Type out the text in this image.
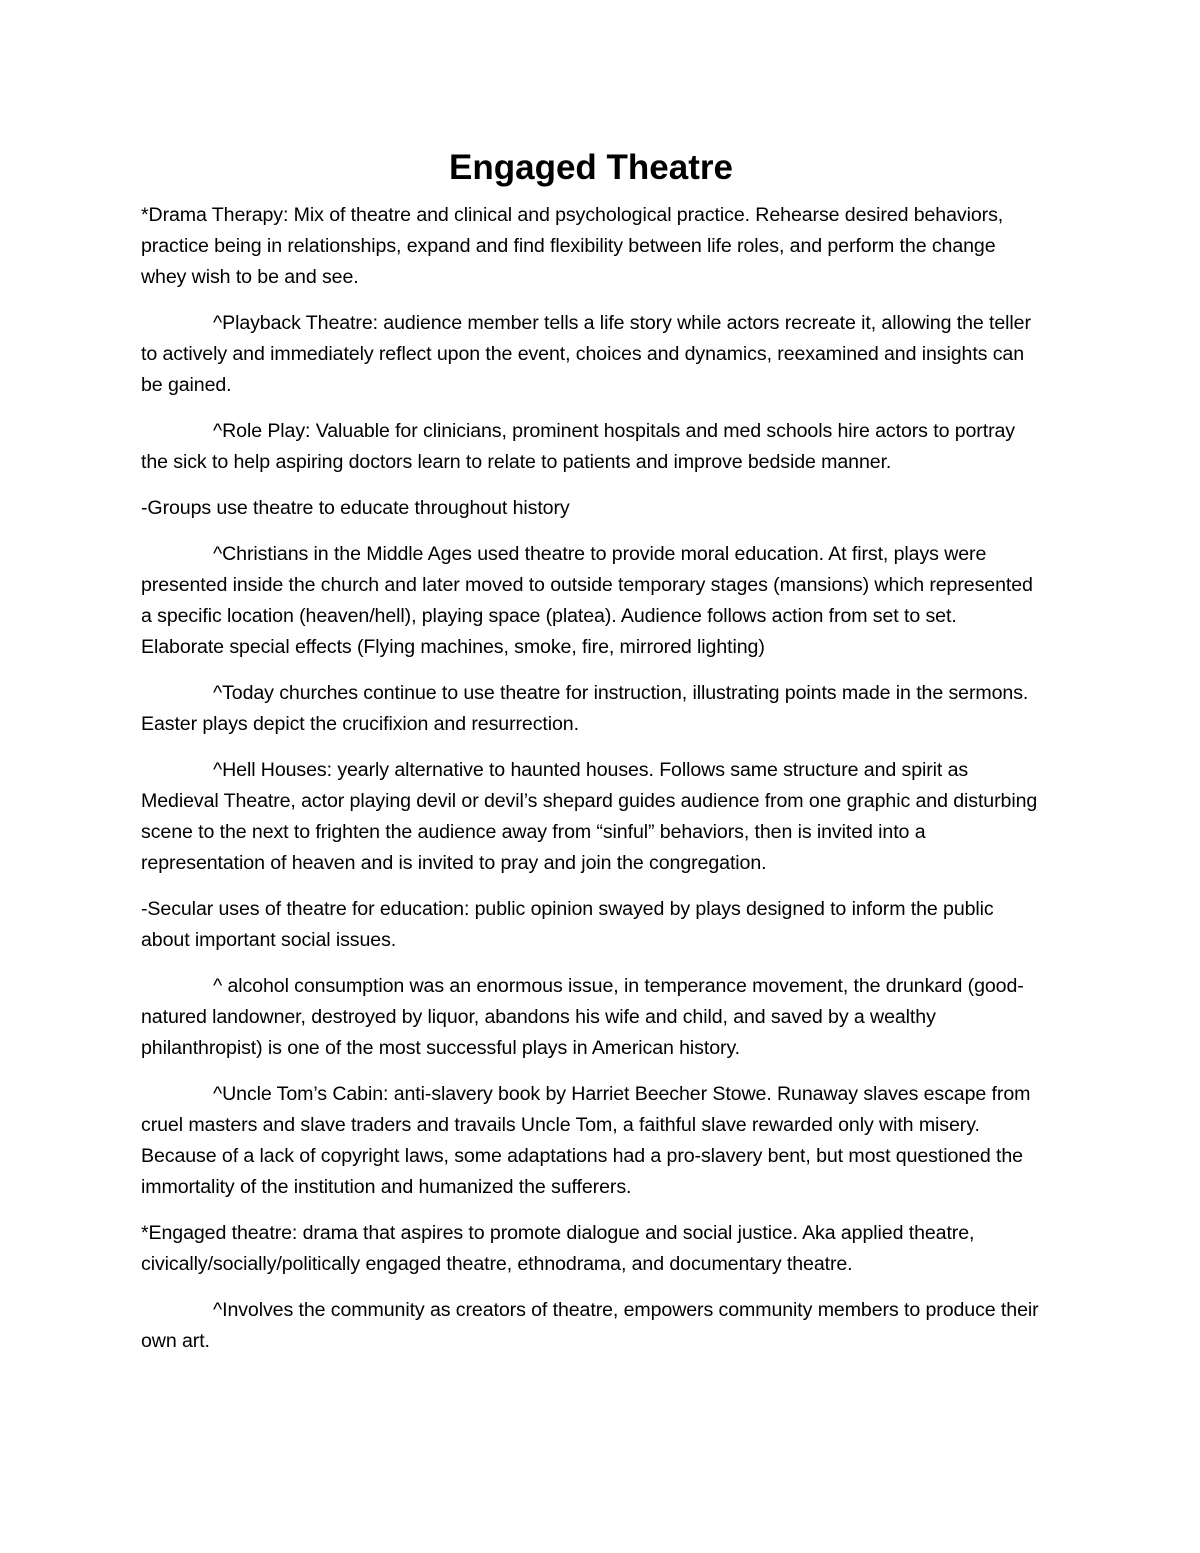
Engaged Theatre

*Drama Therapy: Mix of theatre and clinical and psychological practice. Rehearse desired behaviors, practice being in relationships, expand and find flexibility between life roles, and perform the change whey wish to be and see.

^Playback Theatre: audience member tells a life story while actors recreate it, allowing the teller to actively and immediately reflect upon the event, choices and dynamics, reexamined and insights can be gained.

^Role Play: Valuable for clinicians, prominent hospitals and med schools hire actors to portray the sick to help aspiring doctors learn to relate to patients and improve bedside manner.

-Groups use theatre to educate throughout history

^Christians in the Middle Ages used theatre to provide moral education. At first, plays were presented inside the church and later moved to outside temporary stages (mansions) which represented a specific location (heaven/hell), playing space (platea). Audience follows action from set to set. Elaborate special effects (Flying machines, smoke, fire, mirrored lighting)

^Today churches continue to use theatre for instruction, illustrating points made in the sermons. Easter plays depict the crucifixion and resurrection.

^Hell Houses: yearly alternative to haunted houses. Follows same structure and spirit as Medieval Theatre, actor playing devil or devil’s shepard guides audience from one graphic and disturbing scene to the next to frighten the audience away from “sinful” behaviors, then is invited into a representation of heaven and is invited to pray and join the congregation.

-Secular uses of theatre for education: public opinion swayed by plays designed to inform the public about important social issues.

^ alcohol consumption was an enormous issue, in temperance movement, the drunkard (good-natured landowner, destroyed by liquor, abandons his wife and child, and saved by a wealthy philanthropist) is one of the most successful plays in American history.

^Uncle Tom’s Cabin: anti-slavery book by Harriet Beecher Stowe. Runaway slaves escape from cruel masters and slave traders and travails Uncle Tom, a faithful slave rewarded only with misery. Because of a lack of copyright laws, some adaptations had a pro-slavery bent, but most questioned the immortality of the institution and humanized the sufferers.

*Engaged theatre: drama that aspires to promote dialogue and social justice. Aka applied theatre, civically/socially/politically engaged theatre, ethnodrama, and documentary theatre.

^Involves the community as creators of theatre, empowers community members to produce their own art.
